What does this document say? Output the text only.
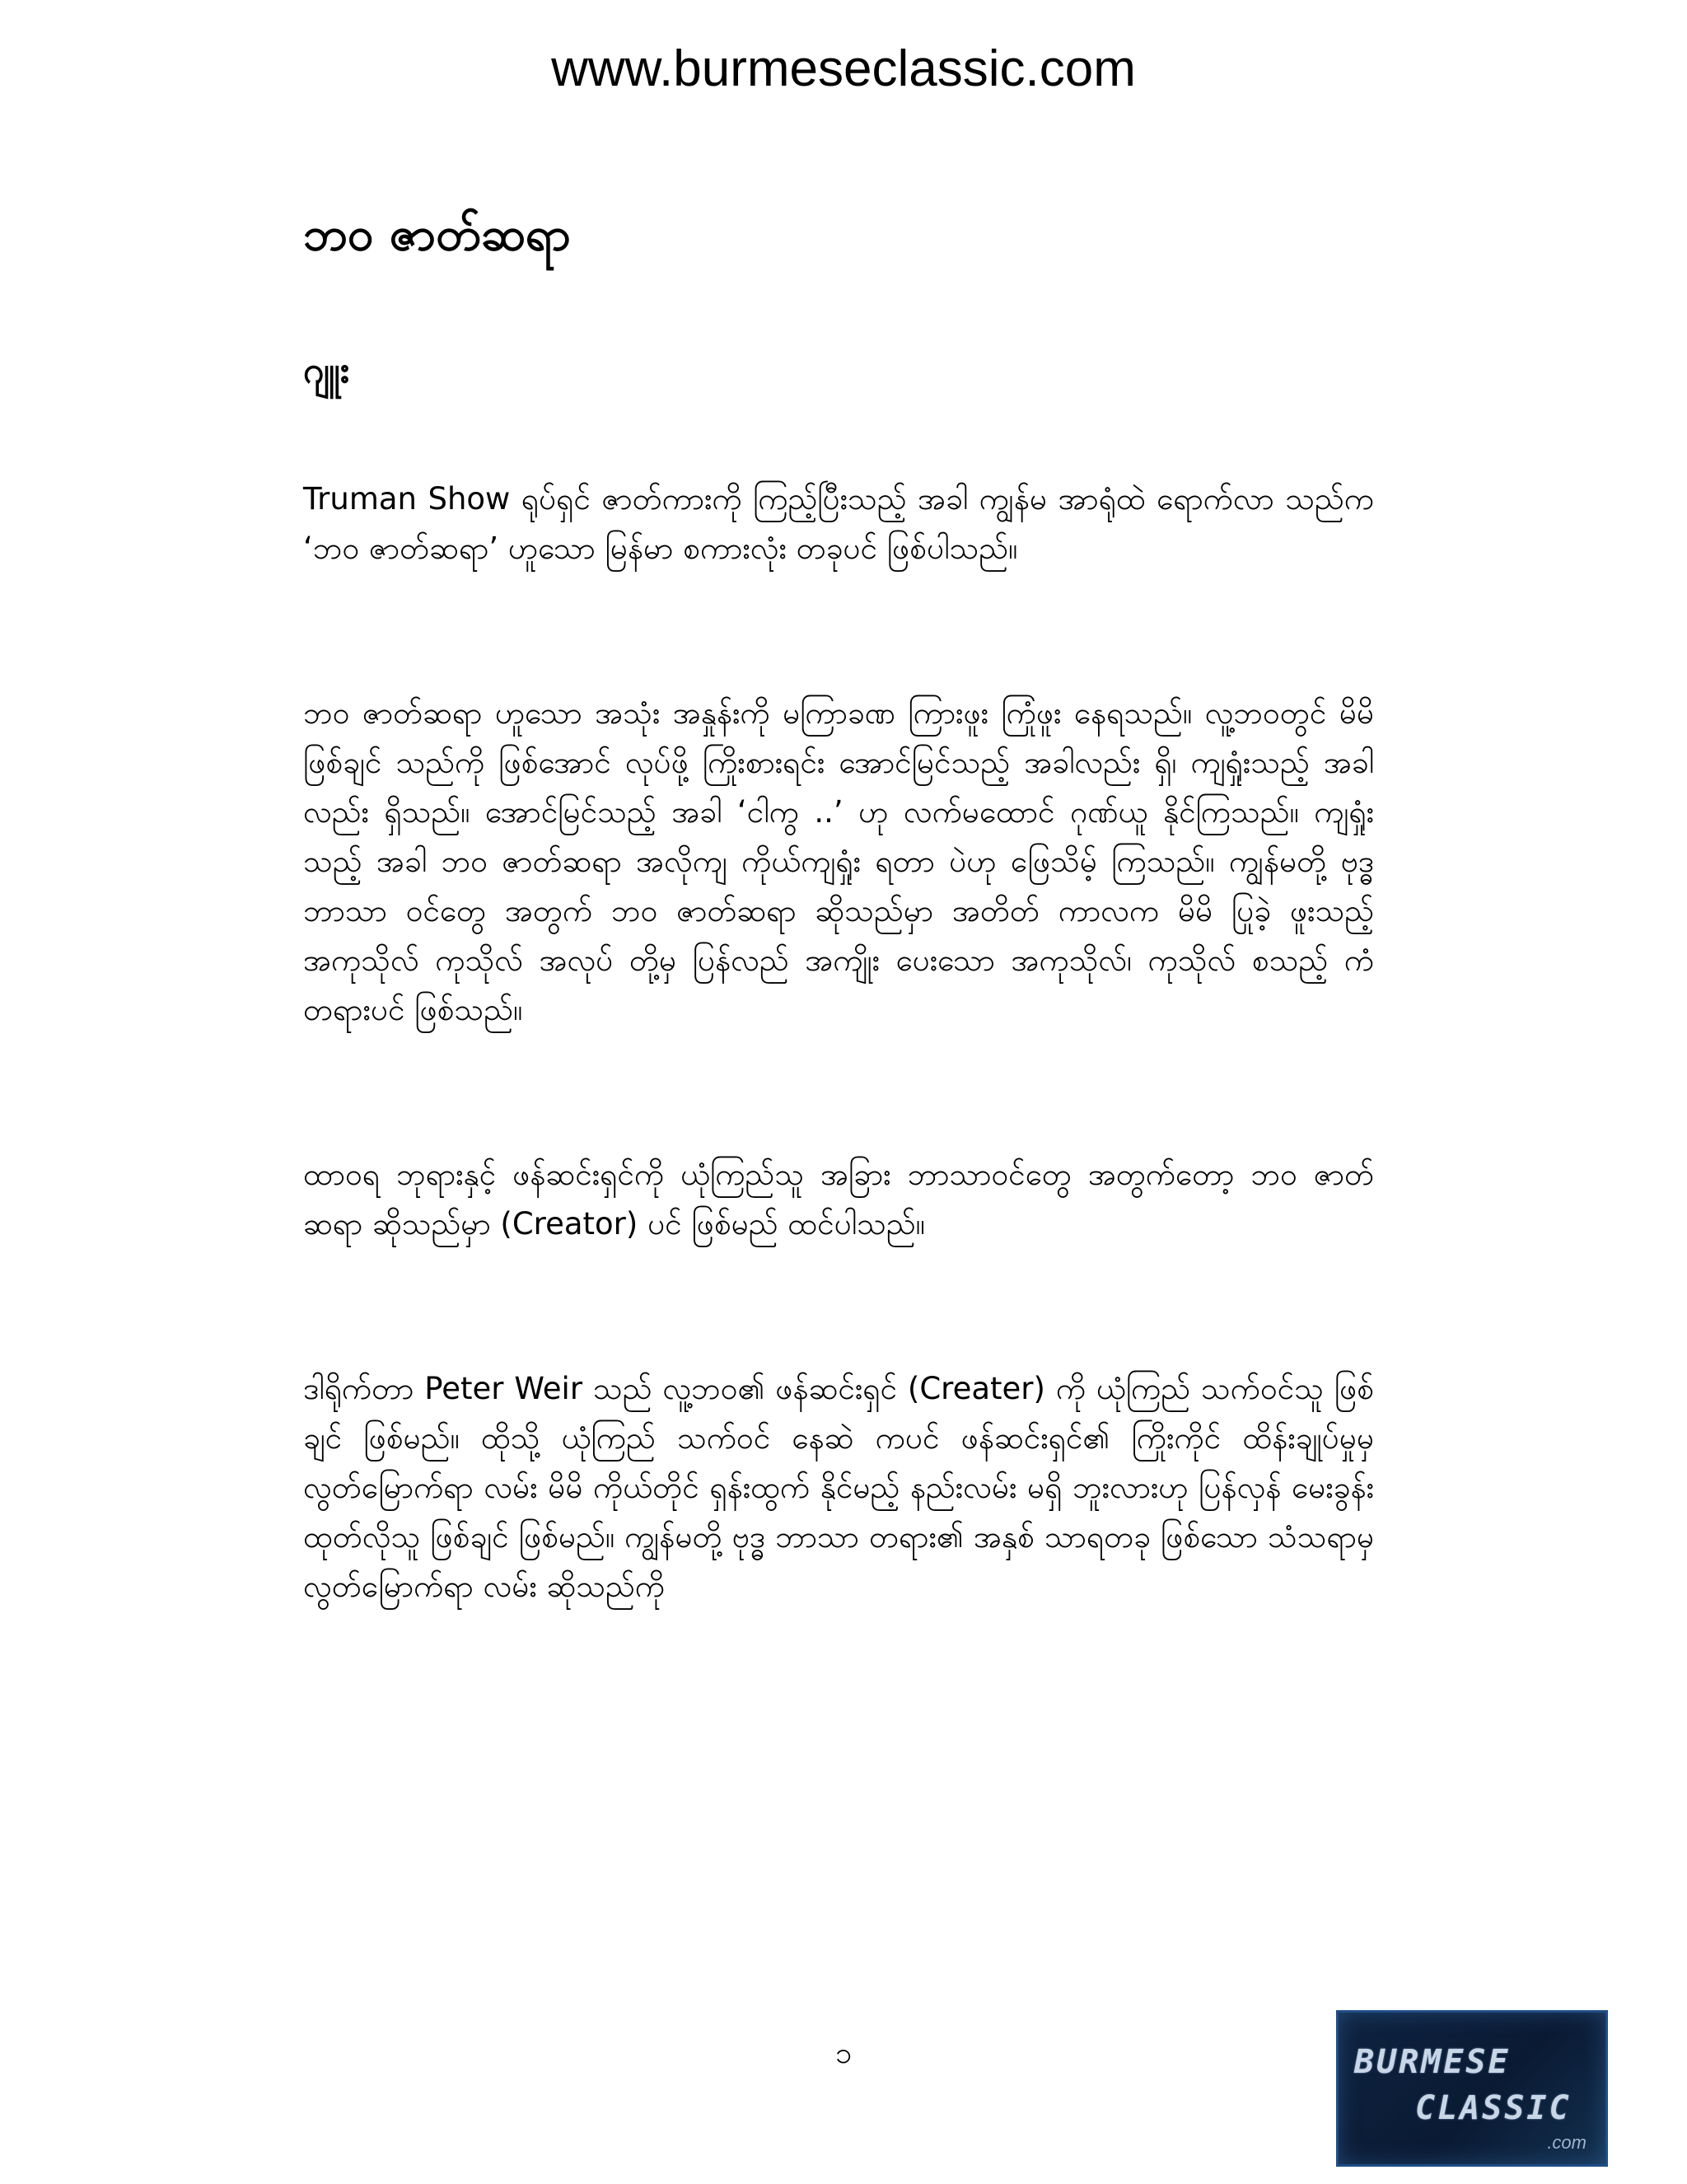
www.burmeseclassic.com
ဘဝ ဇာတ်ဆရာ
ဂျူး

Truman Show ရုပ်ရှင် ဇာတ်ကားကို ကြည့်ပြီးသည့် အခါ ကျွန်မ အာရုံထဲ ရောက်လာ သည်က ‘ဘဝ ဇာတ်ဆရာ’ ဟူသော မြန်မာ စကားလုံး တခုပင် ဖြစ်ပါသည်။

ဘဝ ဇာတ်ဆရာ ဟူသော အသုံး အနှုန်းကို မကြာခဏ ကြားဖူး ကြုံဖူး နေရသည်။ လူ့ဘဝတွင် မိမိ ဖြစ်ချင် သည်ကို ဖြစ်အောင် လုပ်ဖို့ ကြိုးစားရင်း အောင်မြင်သည့် အခါလည်း ရှိ၊ ကျရှုံးသည့် အခါလည်း ရှိသည်။ အောင်မြင်သည့် အခါ ‘ငါကွ ..’ ဟု လက်မထောင် ဂုဏ်ယူ နိုင်ကြသည်။ ကျရှုံးသည့် အခါ ဘဝ ဇာတ်ဆရာ အလိုကျ ကိုယ်ကျရှုံး ရတာ ပဲဟု ဖြေသိမ့် ကြသည်။ ကျွန်မတို့ ဗုဒ္ဓ ဘာသာ ဝင်တွေ အတွက် ဘဝ ဇာတ်ဆရာ ဆိုသည်မှာ အတိတ် ကာလက မိမိ ပြုခဲ့ ဖူးသည့် အကုသိုလ် ကုသိုလ် အလုပ် တို့မှ ပြန်လည် အကျိုး ပေးသော အကုသိုလ်၊ ကုသိုလ် စသည့် ကံ တရားပင် ဖြစ်သည်။

ထာဝရ ဘုရားနှင့် ဖန်ဆင်းရှင်ကို ယုံကြည်သူ အခြား ဘာသာဝင်တွေ အတွက်တော့ ဘဝ ဇာတ်ဆရာ ဆိုသည်မှာ (Creator) ပင် ဖြစ်မည် ထင်ပါသည်။

ဒါရိုက်တာ Peter Weir သည် လူ့ဘဝ၏ ဖန်ဆင်းရှင် (Creater) ကို ယုံကြည် သက်ဝင်သူ ဖြစ်ချင် ဖြစ်မည်။ ထိုသို့ ယုံကြည် သက်ဝင် နေဆဲ ကပင် ဖန်ဆင်းရှင်၏ ကြိုးကိုင် ထိန်းချုပ်မှုမှ လွတ်မြောက်ရာ လမ်း မိမိ ကိုယ်တိုင် ရှန်းထွက် နိုင်မည့် နည်းလမ်း မရှိ ဘူးလားဟု ပြန်လှန် မေးခွန်း ထုတ်လိုသူ ဖြစ်ချင် ဖြစ်မည်။ ကျွန်မတို့ ဗုဒ္ဓ ဘာသာ တရား၏ အနှစ် သာရတခု ဖြစ်သော သံသရာမှ လွတ်မြောက်ရာ လမ်း ဆိုသည်ကို

၁	BURMESE
CLASSIC
.com
